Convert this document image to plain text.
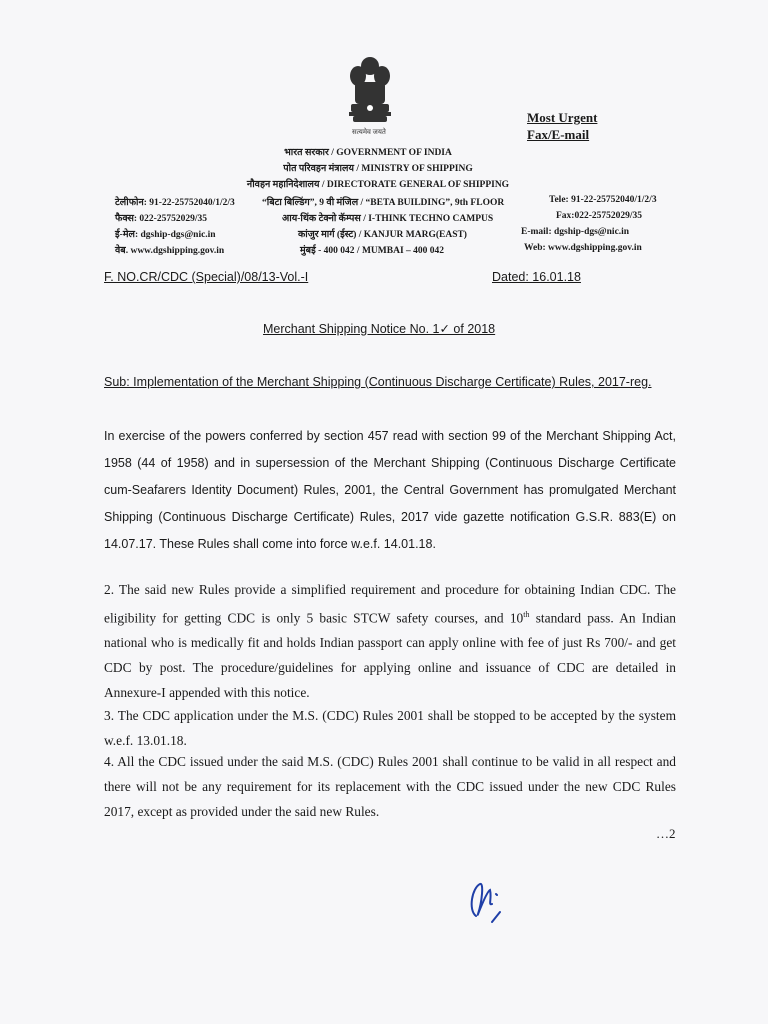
सत्यमेव जयते
Most Urgent
Fax/E-mail
भारत सरकार / GOVERNMENT OF INDIA
पोत परिवहन मंत्रालय / MINISTRY OF SHIPPING
नौवहन महानिदेशालय / DIRECTORATE GENERAL OF SHIPPING
टेलीफोन: 91-22-25752040/1/2/3
फैक्स: 022-25752029/35
ई-मेल: dgship-dgs@nic.in
वेब. www.dgshipping.gov.in
“बिटा बिल्डिंग”, 9 वी मंजिल / “BETA BUILDING”, 9th FLOOR
आय-थिंक टेक्नो कॅम्पस / I-THINK TECHNO CAMPUS
कांजुर मार्ग (ईस्ट) / KANJUR MARG(EAST)
मुंबई - 400 042 / MUMBAI – 400 042
Tele: 91-22-25752040/1/2/3
Fax:022-25752029/35
E-mail: dgship-dgs@nic.in
Web: www.dgshipping.gov.in
F. NO.CR/CDC (Special)/08/13-Vol.-I	Dated: 16.01.18
Merchant Shipping Notice No. 1✓ of 2018
Sub: Implementation of the Merchant Shipping (Continuous Discharge Certificate) Rules, 2017-reg.
In exercise of the powers conferred by section 457 read with section 99 of the Merchant Shipping Act, 1958 (44 of 1958) and in supersession of the Merchant Shipping (Continuous Discharge Certificate cum-Seafarers Identity Document) Rules, 2001, the Central Government has promulgated Merchant Shipping (Continuous Discharge Certificate) Rules, 2017 vide gazette notification G.S.R. 883(E) on 14.07.17. These Rules shall come into force w.e.f. 14.01.18.
2. The said new Rules provide a simplified requirement and procedure for obtaining Indian CDC. The eligibility for getting CDC is only 5 basic STCW safety courses, and 10th standard pass. An Indian national who is medically fit and holds Indian passport can apply online with fee of just Rs 700/- and get CDC by post. The procedure/guidelines for applying online and issuance of CDC are detailed in Annexure-I appended with this notice.
3. The CDC application under the M.S. (CDC) Rules 2001 shall be stopped to be accepted by the system w.e.f. 13.01.18.
4. All the CDC issued under the said M.S. (CDC) Rules 2001 shall continue to be valid in all respect and there will not be any requirement for its replacement with the CDC issued under the new CDC Rules 2017, except as provided under the said new Rules.
…2
